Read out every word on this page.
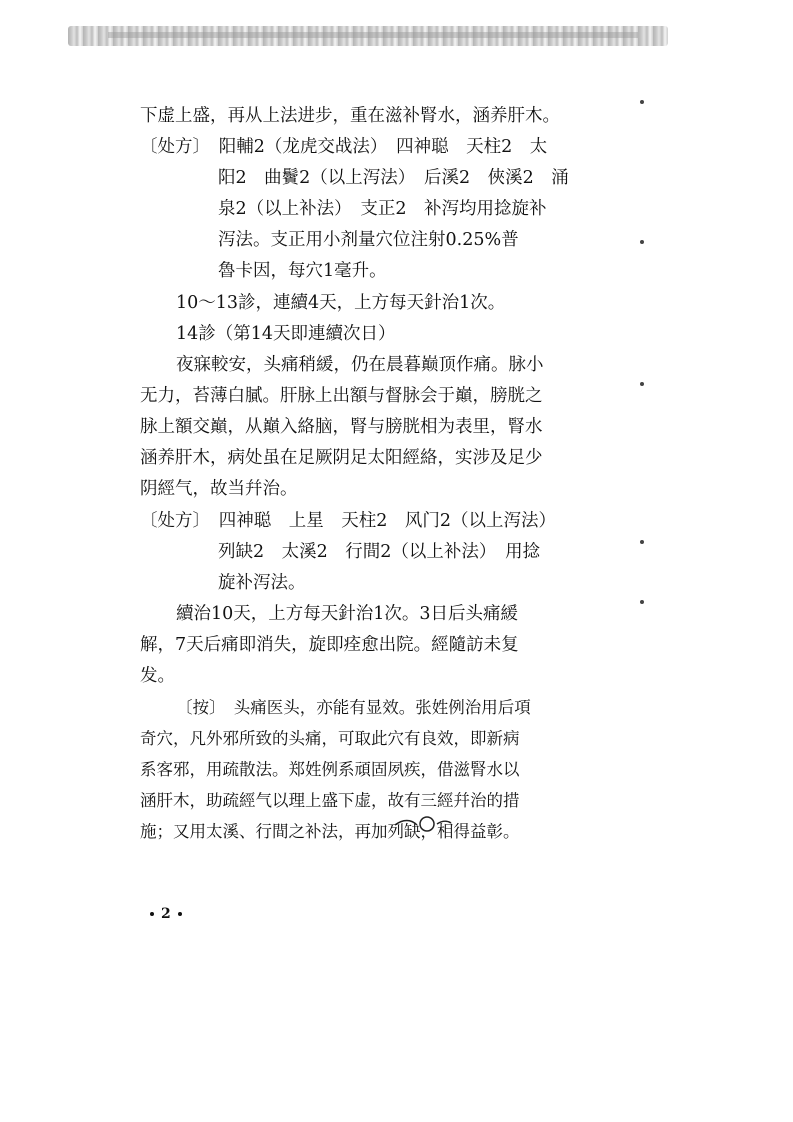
下虚上盛，再从上法进步，重在滋补腎水，涵养肝木。
〔处方〕　阳輔2（龙虎交战法）　四神聪　天柱2　太
阳2　曲鬢2（以上泻法）　后溪2　俠溪2　涌
泉2（以上补法）　支正2　补泻均用捻旋补
泻法。支正用小剂量穴位注射0.25%普
魯卡因，每穴1毫升。
10～13診，連續4天，上方每天針治1次。
14診（第14天即連續次日）
夜寐較安，头痛稍緩，仍在晨暮巅顶作痛。脉小
无力，苔薄白膩。肝脉上出額与督脉会于巔，膀胱之
脉上額交巔，从巔入絡脑，腎与膀胱相为表里，腎水
涵养肝木，病处虽在足厥阴足太阳經絡，实涉及足少
阴經气，故当幷治。
〔处方〕　四神聪　上星　天柱2　风门2（以上泻法）
列缺2　太溪2　行間2（以上补法）　用捻
旋补泻法。
續治10天，上方每天針治1次。3日后头痛緩
解，7天后痛即消失，旋即痊愈出院。經隨訪未复
发。
〔按〕　头痛医头，亦能有显效。张姓例治用后項
奇穴，凡外邪所致的头痛，可取此穴有良效，即新病
系客邪，用疏散法。郑姓例系頑固夙疾，借滋腎水以
涵肝木，助疏經气以理上盛下虚，故有三經幷治的措
施；又用太溪、行間之补法，再加列缺，相得益彰。
2
